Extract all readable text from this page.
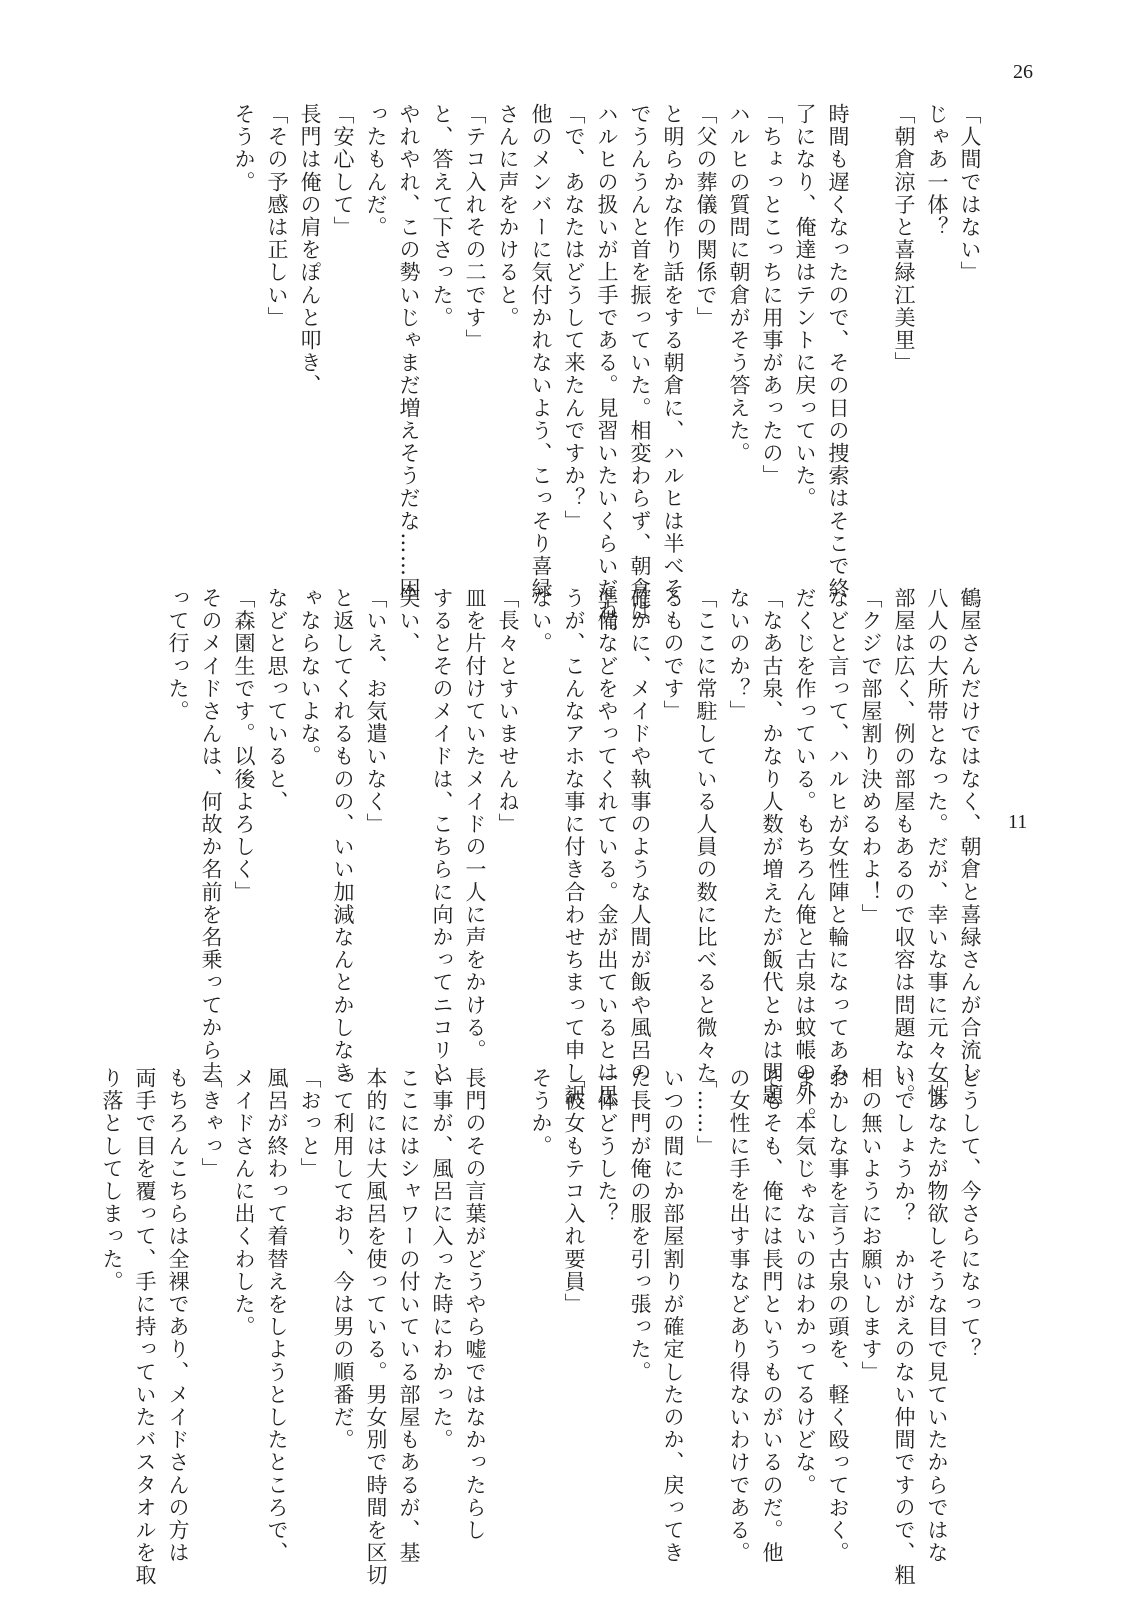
26
11
「人間ではない」
じゃあ一体？
「朝倉涼子と喜緑江美里」

時間も遅くなったので、その日の捜索はそこで終
了になり、俺達はテントに戻っていた。
「ちょっとこっちに用事があったの」
ハルヒの質問に朝倉がそう答えた。
「父の葬儀の関係で」
と明らかな作り話をする朝倉に、ハルヒは半べそ
でうんうんと首を振っていた。相変わらず、朝倉は
ハルヒの扱いが上手である。見習いたいくらいだね。
「で、あなたはどうして来たんですか？」
他のメンバーに気付かれないよう、こっそり喜緑
さんに声をかけると。
「テコ入れその二です」
と、答えて下さった。
やれやれ、この勢いじゃまだ増えそうだな……困
ったもんだ。
「安心して」
長門は俺の肩をぽんと叩き、
「その予感は正しい」
そうか。
鶴屋さんだけではなく、朝倉と喜緑さんが合流し
八人の大所帯となった。だが、幸いな事に元々女性
部屋は広く、例の部屋もあるので収容は問題ない。
「クジで部屋割り決めるわよ！」
などと言って、ハルヒが女性陣と輪になってあみ
だくじを作っている。もちろん俺と古泉は蚊帳の外。
「なあ古泉、かなり人数が増えたが飯代とかは問題
ないのか？」
「ここに常駐している人員の数に比べると微々た
るものです」
確かに、メイドや執事のような人間が飯や風呂の
準備などをやってくれている。金が出ているとは思
うが、こんなアホな事に付き合わせちまって申し訳
ない。
「長々とすいませんね」
皿を片付けていたメイドの一人に声をかける。
するとそのメイドは、こちらに向かってニコリと
笑い、
「いえ、お気遣いなく」
と返してくれるものの、いい加減なんとかしなき
ゃならないよな。
などと思っていると、
「森園生です。以後よろしく」
そのメイドさんは、何故か名前を名乗ってから去
って行った。
どうして、今さらになって？
「あなたが物欲しそうな目で見ていたからではな
いでしょうか？　かけがえのない仲間ですので、粗
相の無いようにお願いします」
おかしな事を言う古泉の頭を、軽く殴っておく。
ま、本気じゃないのはわかってるけどな。
そもそも、俺には長門というものがいるのだ。他
の女性に手を出す事などあり得ないわけである。
「……」
いつの間にか部屋割りが確定したのか、戻ってき
た長門が俺の服を引っ張った。
一体どうした？
「彼女もテコ入れ要員」
そうか。

長門のその言葉がどうやら嘘ではなかったらし
い事が、風呂に入った時にわかった。
ここにはシャワーの付いている部屋もあるが、基
本的には大風呂を使っている。男女別で時間を区切
って利用しており、今は男の順番だ。
「おっと」
風呂が終わって着替えをしようとしたところで、
メイドさんに出くわした。
「きゃっ」
もちろんこちらは全裸であり、メイドさんの方は
両手で目を覆って、手に持っていたバスタオルを取
り落としてしまった。
